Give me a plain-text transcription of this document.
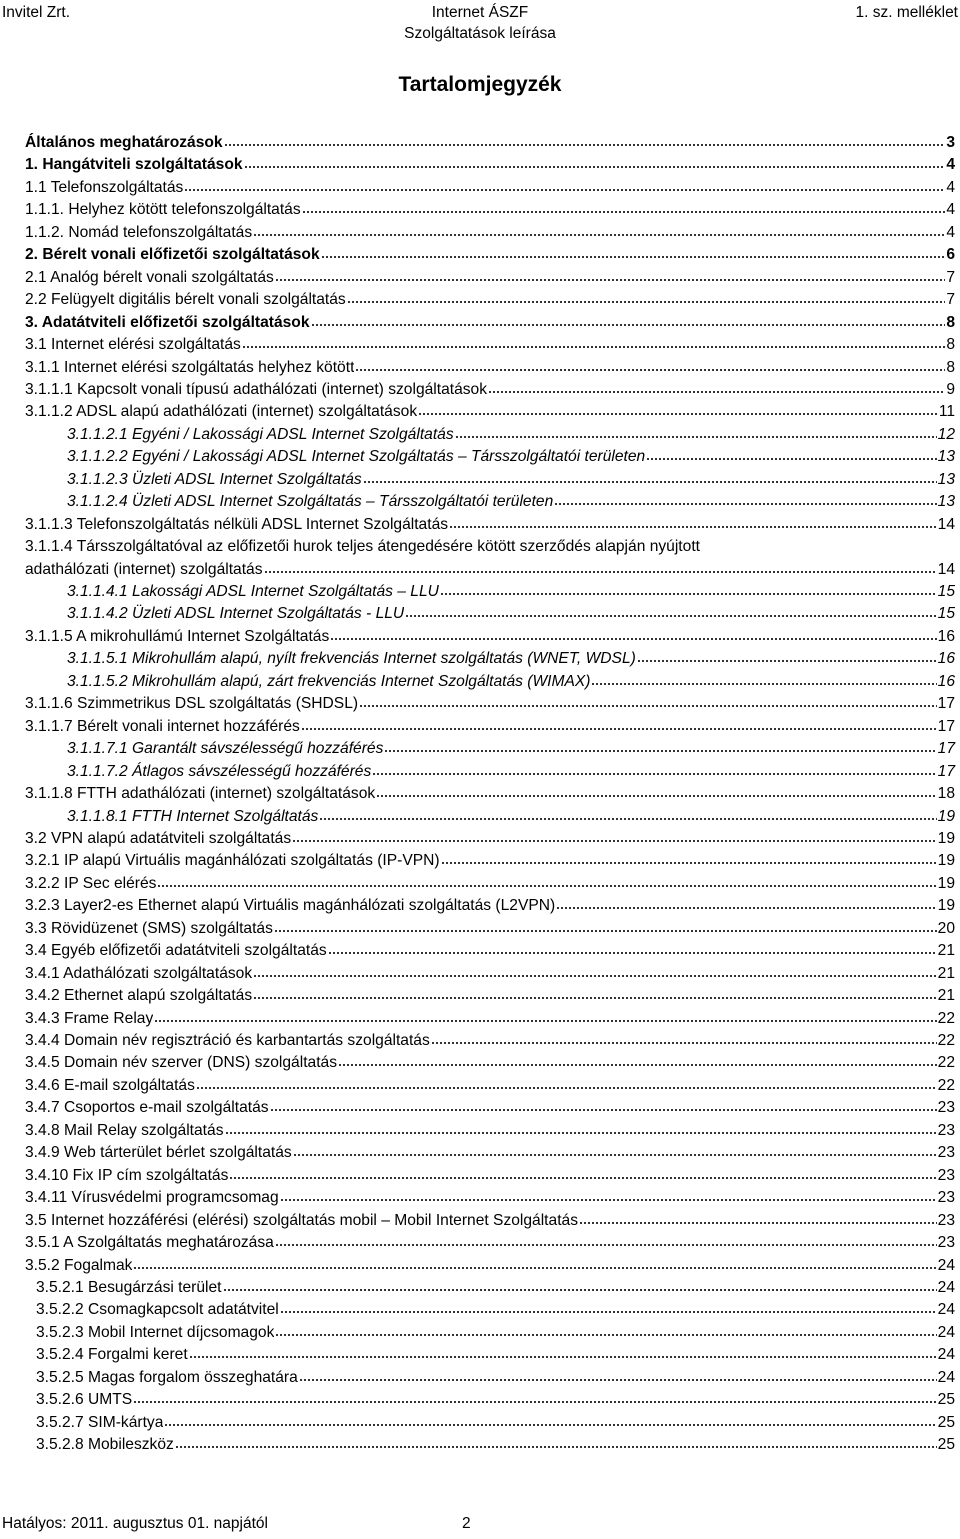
Invitel Zrt.	Internet ÁSZF
Szolgáltatások leírása
1. sz. melléklet
Tartalomjegyzék
Általános meghatározások	3
1. Hangátviteli szolgáltatások	4
1.1 Telefonszolgáltatás	4
1.1.1. Helyhez kötött telefonszolgáltatás	4
1.1.2. Nomád telefonszolgáltatás	4
2. Bérelt vonali előfizetői szolgáltatások	6
2.1 Analóg bérelt vonali szolgáltatás	7
2.2 Felügyelt digitális bérelt vonali szolgáltatás	7
3. Adatátviteli előfizetői szolgáltatások	8
3.1 Internet elérési szolgáltatás	8
3.1.1 Internet elérési szolgáltatás helyhez kötött	8
3.1.1.1 Kapcsolt vonali típusú adathálózati (internet) szolgáltatások	9
3.1.1.2 ADSL alapú adathálózati (internet) szolgáltatások	11
3.1.1.2.1 Egyéni / Lakossági ADSL Internet Szolgáltatás	12
3.1.1.2.2 Egyéni / Lakossági ADSL Internet Szolgáltatás – Társszolgáltatói területen	13
3.1.1.2.3 Üzleti ADSL Internet Szolgáltatás	13
3.1.1.2.4 Üzleti ADSL Internet Szolgáltatás – Társszolgáltatói területen	13
3.1.1.3 Telefonszolgáltatás nélküli ADSL Internet Szolgáltatás	14
3.1.1.4 Társszolgáltatóval az előfizetői hurok teljes átengedésére kötött szerződés alapján nyújtott
adathálózati (internet) szolgáltatás	14
3.1.1.4.1 Lakossági ADSL Internet Szolgáltatás – LLU	15
3.1.1.4.2 Üzleti ADSL Internet Szolgáltatás - LLU	15
3.1.1.5 A mikrohullámú Internet Szolgáltatás	16
3.1.1.5.1 Mikrohullám alapú, nyílt frekvenciás Internet szolgáltatás (WNET, WDSL)	16
3.1.1.5.2 Mikrohullám alapú, zárt frekvenciás Internet Szolgáltatás (WIMAX)	16
3.1.1.6 Szimmetrikus DSL szolgáltatás (SHDSL)	17
3.1.1.7 Bérelt vonali internet hozzáférés	17
3.1.1.7.1 Garantált sávszélességű hozzáférés	17
3.1.1.7.2 Átlagos sávszélességű hozzáférés	17
3.1.1.8 FTTH adathálózati (internet) szolgáltatások	18
3.1.1.8.1 FTTH Internet Szolgáltatás	19
3.2 VPN alapú adatátviteli szolgáltatás	19
3.2.1 IP alapú Virtuális magánhálózati szolgáltatás (IP-VPN)	19
3.2.2 IP Sec elérés	19
3.2.3 Layer2-es Ethernet alapú Virtuális magánhálózati szolgáltatás (L2VPN)	19
3.3 Rövidüzenet (SMS) szolgáltatás	20
3.4 Egyéb előfizetői adatátviteli szolgáltatás	21
3.4.1 Adathálózati szolgáltatások	21
3.4.2 Ethernet alapú szolgáltatás	21
3.4.3 Frame Relay	22
3.4.4 Domain név regisztráció és karbantartás szolgáltatás	22
3.4.5 Domain név szerver (DNS) szolgáltatás	22
3.4.6 E-mail szolgáltatás	22
3.4.7 Csoportos e-mail szolgáltatás	23
3.4.8 Mail Relay szolgáltatás	23
3.4.9 Web tárterület bérlet szolgáltatás	23
3.4.10 Fix IP cím szolgáltatás	23
3.4.11 Vírusvédelmi programcsomag	23
3.5 Internet hozzáférési (elérési) szolgáltatás mobil – Mobil Internet Szolgáltatás	23
3.5.1 A Szolgáltatás meghatározása	23
3.5.2 Fogalmak	24
3.5.2.1 Besugárzási terület	24
3.5.2.2 Csomagkapcsolt adatátvitel	24
3.5.2.3 Mobil Internet díjcsomagok	24
3.5.2.4 Forgalmi keret	24
3.5.2.5 Magas forgalom összeghatára	24
3.5.2.6 UMTS	25
3.5.2.7 SIM-kártya	25
3.5.2.8 Mobileszköz	25
Hatályos: 2011. augusztus 01. napjától	2
